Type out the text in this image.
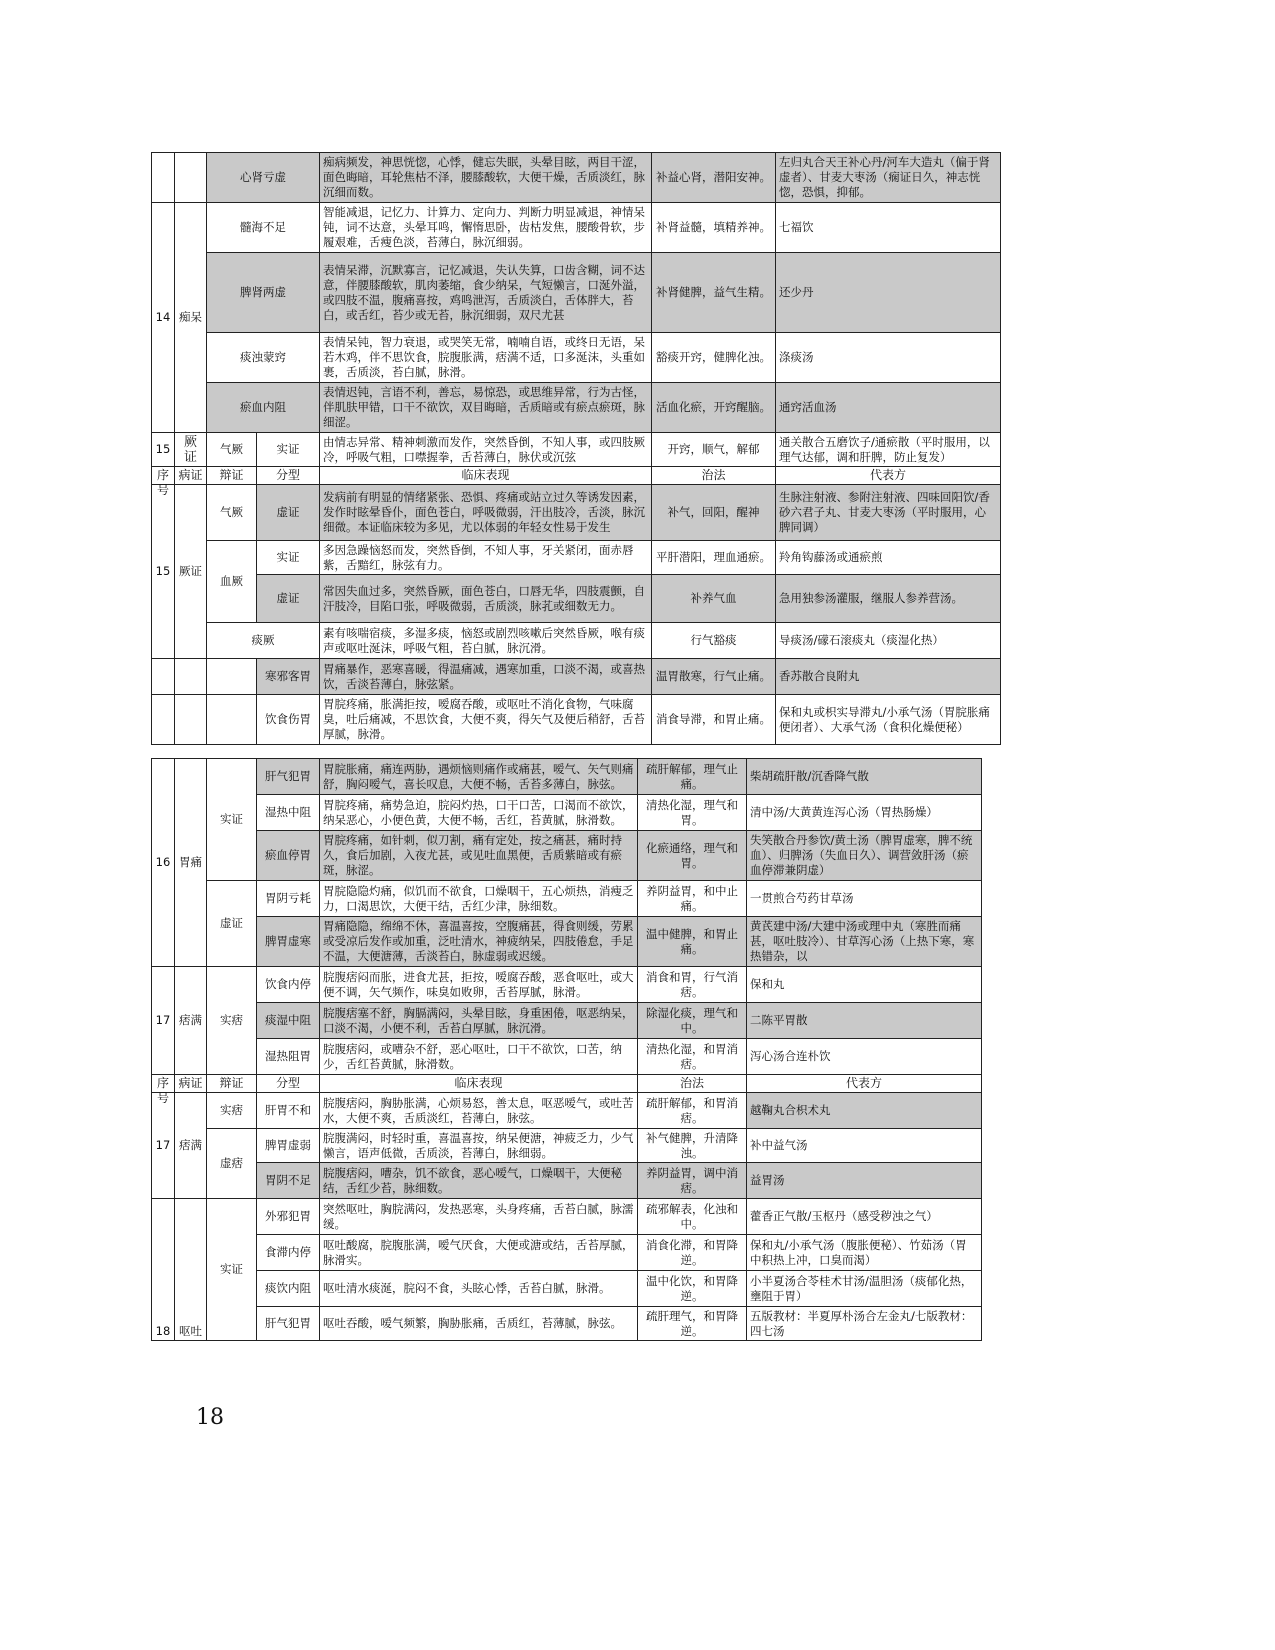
		心肾亏虚		痴病频发，神思恍惚，心悸，健忘失眠，头晕目眩，两目干涩，面色晦暗，耳轮焦枯不泽，腰膝酸软，大便干燥，舌质淡红，脉沉细而数。	补益心肾，潜阳安神。	左归丸合天王补心丹/河车大造丸（偏于肾虚者）、甘麦大枣汤（痫证日久，神志恍惚，恐惧，抑郁。
14	痴呆	髓海不足		智能减退，记忆力、计算力、定向力、判断力明显减退，神情呆钝，词不达意，头晕耳鸣，懈惰思卧，齿枯发焦，腰酸骨软，步履艰难，舌瘦色淡，苔薄白，脉沉细弱。	补肾益髓，填精养神。	七福饮
		脾肾两虚		表情呆滞，沉默寡言，记忆减退，失认失算，口齿含糊，词不达意，伴腰膝酸软，肌肉萎缩，食少纳呆，气短懒言，口涎外溢，或四肢不温，腹痛喜按，鸡鸣泄泻，舌质淡白，舌体胖大，苔白，或舌红，苔少或无苔，脉沉细弱，双尺尤甚	补肾健脾，益气生精。	还少丹
		痰浊蒙窍		表情呆钝，智力衰退，或哭笑无常，喃喃自语，或终日无语，呆若木鸡，伴不思饮食，脘腹胀满，痞满不适，口多涎沫，头重如裹，舌质淡，苔白腻，脉滑。	豁痰开窍，健脾化浊。	涤痰汤
		瘀血内阻		表情迟钝，言语不利，善忘，易惊恐，或思维异常，行为古怪，伴肌肤甲错，口干不欲饮，双目晦暗，舌质暗或有瘀点瘀斑，脉细涩。	活血化瘀，开窍醒脑。	通窍活血汤
15	厥证	气厥	实证	由情志异常、精神刺激而发作，突然昏倒，不知人事，或四肢厥冷，呼吸气粗，口噤握拳，舌苔薄白，脉伏或沉弦	开窍，顺气，解郁	通关散合五磨饮子/通瘀散（平时服用，以理气达郁，调和肝脾，防止复发）

序号	病证	辩证	分型	临床表现	治法	代表方
15	厥证	气厥	虚证	发病前有明显的情绪紧张、恐惧、疼痛或站立过久等诱发因素，发作时眩晕昏仆，面色苍白，呼吸微弱，汗出肢冷，舌淡，脉沉细微。本证临床较为多见，尤以体弱的年轻女性易于发生	补气，回阳，醒神	生脉注射液、参附注射液、四味回阳饮/香砂六君子丸、甘麦大枣汤（平时服用，心脾同调）
		血厥	实证	多因急躁恼怒而发，突然昏倒，不知人事，牙关紧闭，面赤唇紫，舌黯红，脉弦有力。	平肝潜阳，理血通瘀。	羚角钩藤汤或通瘀煎
			虚证	常因失血过多，突然昏厥，面色苍白，口唇无华，四肢震颤，自汗肢冷，目陷口张，呼吸微弱，舌质淡，脉芤或细数无力。	补养气血	急用独参汤灌服，继服人参养营汤。
		痰厥		素有咳喘宿痰，多湿多痰，恼怒或剧烈咳嗽后突然昏厥，喉有痰声或呕吐涎沫，呼吸气粗，苔白腻，脉沉滑。	行气豁痰	导痰汤/礞石滚痰丸（痰湿化热）
			寒邪客胃	胃痛暴作，恶寒喜暖，得温痛减，遇寒加重，口淡不渴，或喜热饮，舌淡苔薄白，脉弦紧。	温胃散寒，行气止痛。	香苏散合良附丸
			饮食伤胃	胃脘疼痛，胀满拒按，嗳腐吞酸，或呕吐不消化食物，气味腐臭，吐后痛减，不思饮食，大便不爽，得矢气及便后稍舒，舌苔厚腻，脉滑。	消食导滞，和胃止痛。	保和丸或枳实导滞丸/小承气汤（胃脘胀痛便闭者）、大承气汤（食积化燥便秘）
16	胃痛	实证	肝气犯胃	胃脘胀痛，痛连两胁，遇烦恼则痛作或痛甚，嗳气、矢气则痛舒，胸闷嗳气，喜长叹息，大便不畅，舌苔多薄白，脉弦。	疏肝解郁，理气止痛。	柴胡疏肝散/沉香降气散
			湿热中阻	胃脘疼痛，痛势急迫，脘闷灼热，口干口苦，口渴而不欲饮，纳呆恶心，小便色黄，大便不畅，舌红，苔黄腻，脉滑数。	清热化湿，理气和胃。	清中汤/大黄黄连泻心汤（胃热肠燥）
			瘀血停胃	胃脘疼痛，如针刺，似刀割，痛有定处，按之痛甚，痛时持久，食后加剧，入夜尤甚，或见吐血黑便，舌质紫暗或有瘀斑，脉涩。	化瘀通络，理气和胃。	失笑散合丹参饮/黄土汤（脾胃虚寒，脾不统血）、归脾汤（失血日久）、调营敛肝汤（瘀血停滞兼阴虚）

		虚证	胃阴亏耗	胃脘隐隐灼痛，似饥而不欲食，口燥咽干，五心烦热，消瘦乏力，口渴思饮，大便干结，舌红少津，脉细数。	养阴益胃，和中止痛。	一贯煎合芍药甘草汤
			脾胃虚寒	胃痛隐隐，绵绵不休，喜温喜按，空腹痛甚，得食则缓，劳累或受凉后发作或加重，泛吐清水，神疲纳呆，四肢倦怠，手足不温，大便溏薄，舌淡苔白，脉虚弱或迟缓。	温中健脾，和胃止痛。	黄芪建中汤/大建中汤或理中丸（寒胜而痛甚，呕吐肢冷）、甘草泻心汤（上热下寒，寒热错杂，以

17	痞满	实痞	饮食内停	脘腹痞闷而胀，进食尤甚，拒按，嗳腐吞酸，恶食呕吐，或大便不调，矢气频作，味臭如败卵，舌苔厚腻，脉滑。	消食和胃，行气消痞。	保和丸
			痰湿中阻	脘腹痞塞不舒，胸膈满闷，头晕目眩，身重困倦，呕恶纳呆，口淡不渴，小便不利，舌苔白厚腻，脉沉滑。	除湿化痰，理气和中。	二陈平胃散
			湿热阻胃	脘腹痞闷，或嘈杂不舒，恶心呕吐，口干不欲饮，口苦，纳少，舌红苔黄腻，脉滑数。	清热化湿，和胃消痞。	泻心汤合连朴饮

序号	病证	辩证	分型	临床表现	治法	代表方
17	痞满	实痞	肝胃不和	脘腹痞闷，胸胁胀满，心烦易怒，善太息，呕恶嗳气，或吐苦水，大便不爽，舌质淡红，苔薄白，脉弦。	疏肝解郁，和胃消痞。	越鞠丸合枳术丸
		虚痞	脾胃虚弱	脘腹满闷，时轻时重，喜温喜按，纳呆便溏，神疲乏力，少气懒言，语声低微，舌质淡，苔薄白，脉细弱。	补气健脾，升清降浊。	补中益气汤
			胃阴不足	脘腹痞闷，嘈杂，饥不欲食，恶心嗳气，口燥咽干，大便秘结，舌红少苔，脉细数。	养阴益胃，调中消痞。	益胃汤
18	呕吐	实证	外邪犯胃	突然呕吐，胸脘满闷，发热恶寒，头身疼痛，舌苔白腻，脉濡缓。	疏邪解表，化浊和中。	藿香正气散/玉枢丹（感受秽浊之气）
			食滞内停	呕吐酸腐，脘腹胀满，嗳气厌食，大便或溏或结，舌苔厚腻，脉滑实。	消食化滞，和胃降逆。	保和丸/小承气汤（腹胀便秘）、竹茹汤（胃中积热上冲，口臭而渴）

			痰饮内阻	呕吐清水痰涎，脘闷不食，头眩心悸，舌苔白腻，脉滑。	温中化饮，和胃降逆。	小半夏汤合苓桂术甘汤/温胆汤（痰郁化热，壅阻于胃）
			肝气犯胃	呕吐吞酸，嗳气频繁，胸胁胀痛，舌质红，苔薄腻，脉弦。	疏肝理气，和胃降逆。	五版教材：半夏厚朴汤合左金丸/七版教材：四七汤
18
